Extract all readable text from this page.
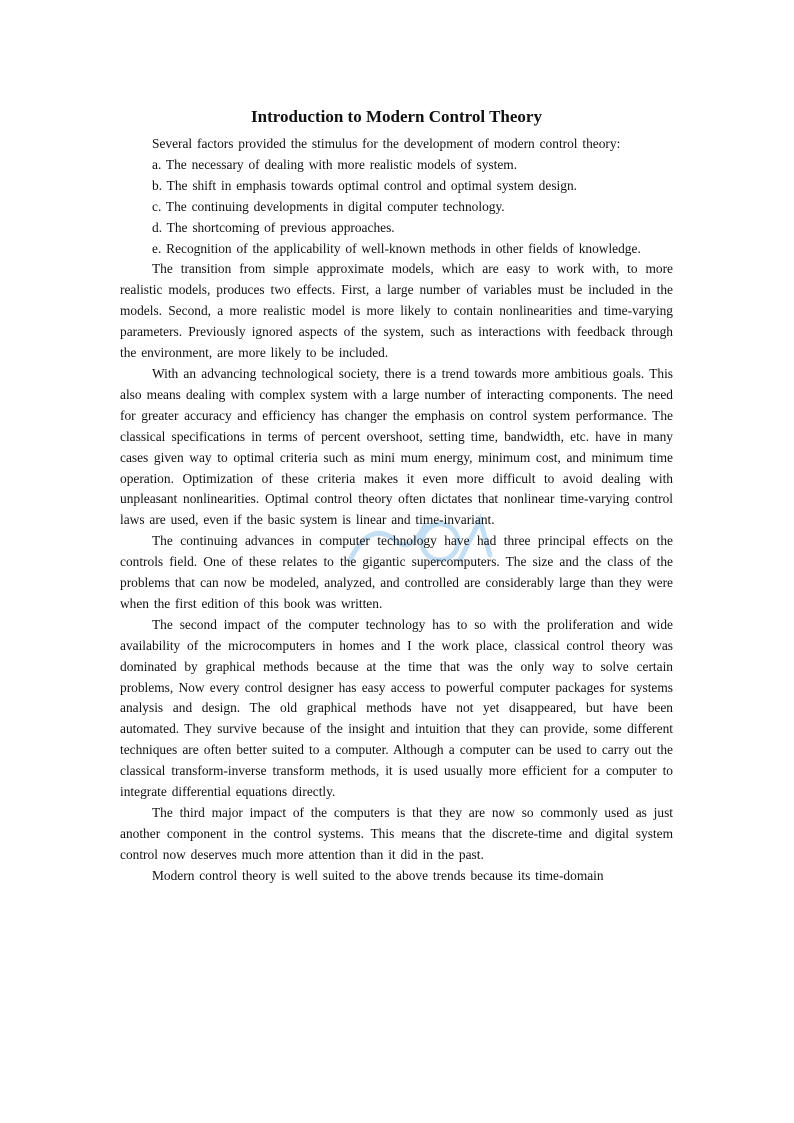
Introduction to Modern Control Theory

Several factors provided the stimulus for the development of modern control theory:

a. The necessary of dealing with more realistic models of system.

b. The shift in emphasis towards optimal control and optimal system design.

c. The continuing developments in digital computer technology.

d. The shortcoming of previous approaches.

e. Recognition of the applicability of well-known methods in other fields of knowledge.

The transition from simple approximate models, which are easy to work with, to more realistic models, produces two effects. First, a large number of variables must be included in the models. Second, a more realistic model is more likely to contain nonlinearities and time-varying parameters. Previously ignored aspects of the system, such as interactions with feedback through the environment, are more likely to be included.

With an advancing technological society, there is a trend towards more ambitious goals. This also means dealing with complex system with a large number of interacting components. The need for greater accuracy and efficiency has changer the emphasis on control system performance. The classical specifications in terms of percent overshoot, setting time, bandwidth, etc. have in many cases given way to optimal criteria such as mini mum energy, minimum cost, and minimum time operation. Optimization of these criteria makes it even more difficult to avoid dealing with unpleasant nonlinearities. Optimal control theory often dictates that nonlinear time-varying control laws are used, even if the basic system is linear and time-invariant.

The continuing advances in computer technology have had three principal effects on the controls field. One of these relates to the gigantic supercomputers. The size and the class of the problems that can now be modeled, analyzed, and controlled are considerably large than they were when the first edition of this book was written.

The second impact of the computer technology has to so with the proliferation and wide availability of the microcomputers in homes and I the work place, classical control theory was dominated by graphical methods because at the time that was the only way to solve certain problems, Now every control designer has easy access to powerful computer packages for systems analysis and design. The old graphical methods have not yet disappeared, but have been automated. They survive because of the insight and intuition that they can provide, some different techniques are often better suited to a computer. Although a computer can be used to carry out the classical transform-inverse transform methods, it is used usually more efficient for a computer to integrate differential equations directly.

The third major impact of the computers is that they are now so commonly used as just another component in the control systems. This means that the discrete-time and digital system control now deserves much more attention than it did in the past.

Modern control theory is well suited to the above trends because its time-domain
